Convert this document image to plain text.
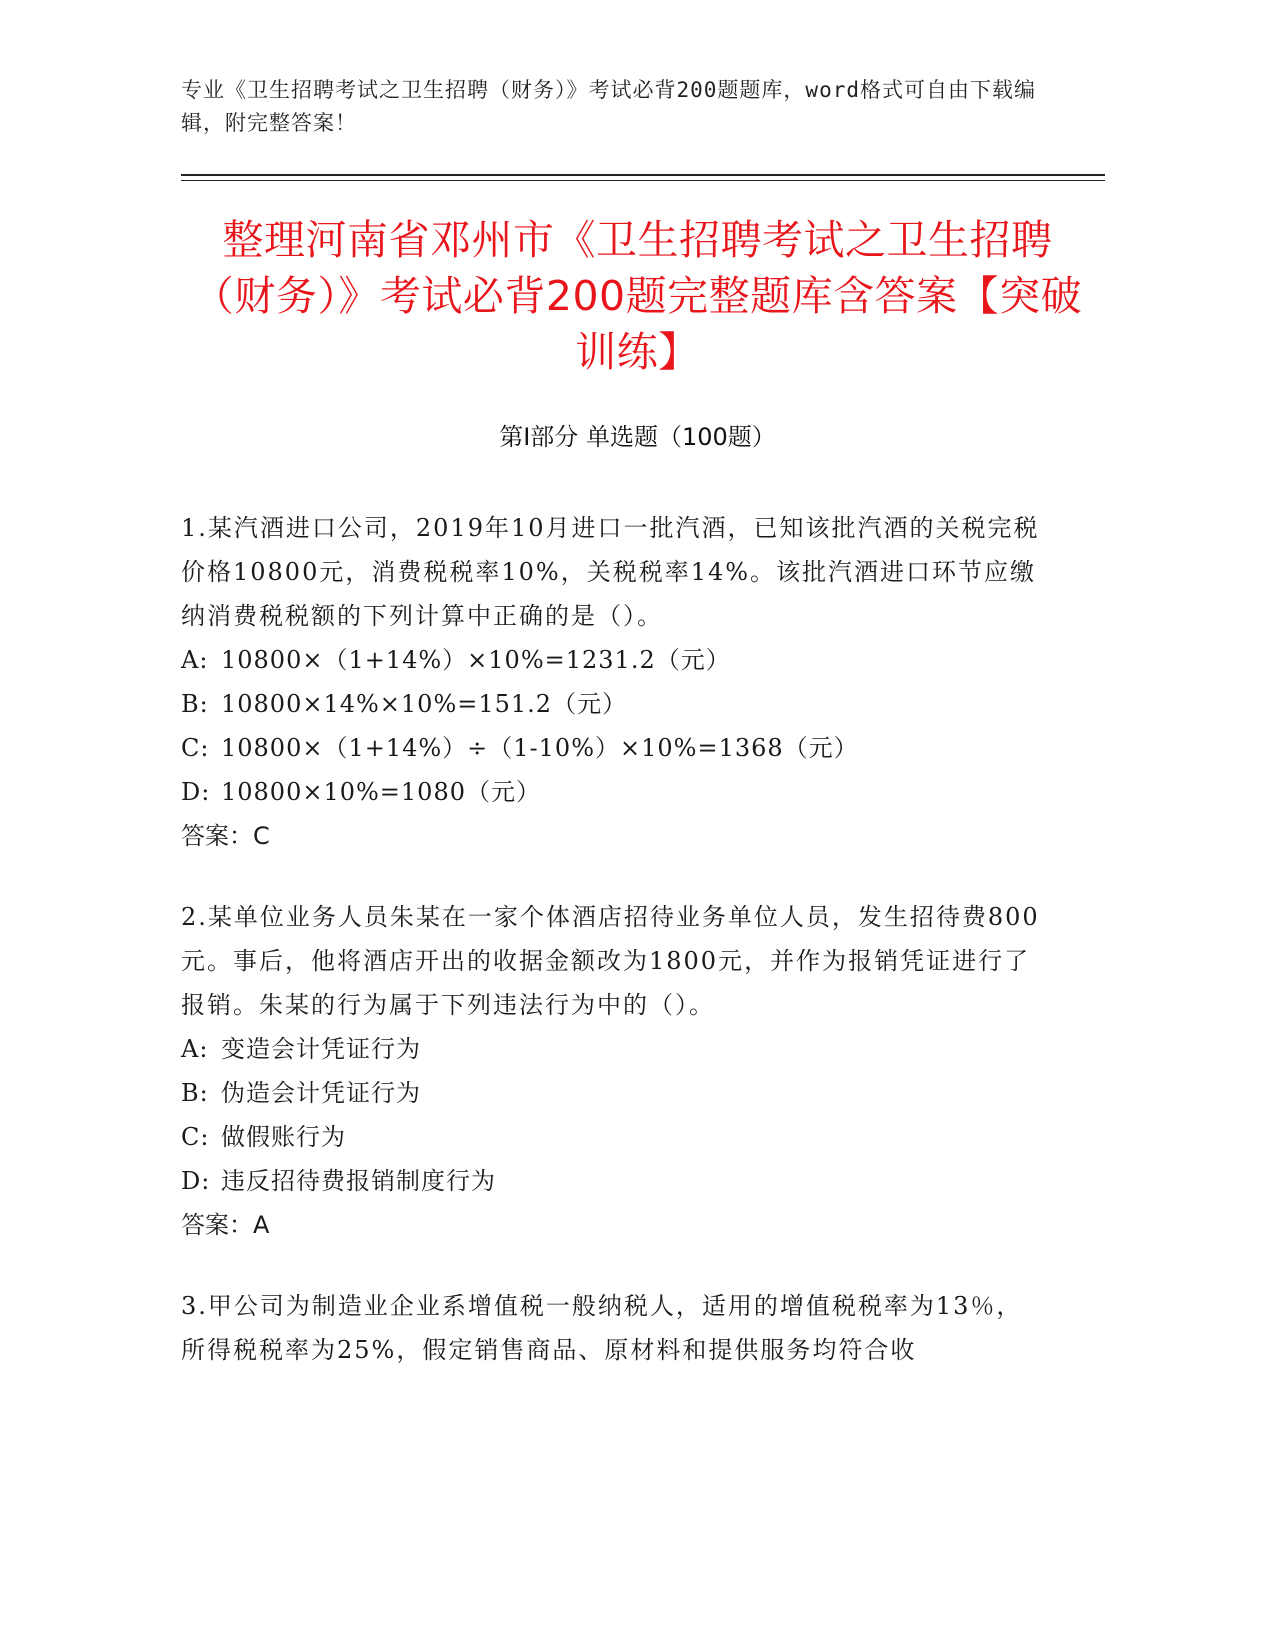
专业《卫生招聘考试之卫生招聘（财务）》考试必背200题题库，word格式可自由下载编辑，附完整答案！
整理河南省邓州市《卫生招聘考试之卫生招聘（财务）》考试必背200题完整题库含答案【突破训练】
第Ⅰ部分 单选题（100题）
1.某汽酒进口公司，2019年10月进口一批汽酒，已知该批汽酒的关税完税价格10800元，消费税税率10%，关税税率14%。该批汽酒进口环节应缴纳消费税税额的下列计算中正确的是（）。
A: 10800×（1+14%）×10%=1231.2（元）
B: 10800×14%×10%=151.2（元）
C: 10800×（1+14%）÷（1-10%）×10%=1368（元）
D: 10800×10%=1080（元）
答案：C
2.某单位业务人员朱某在一家个体酒店招待业务单位人员，发生招待费800元。事后，他将酒店开出的收据金额改为1800元，并作为报销凭证进行了报销。朱某的行为属于下列违法行为中的（）。
A: 变造会计凭证行为
B: 伪造会计凭证行为
C: 做假账行为
D: 违反招待费报销制度行为
答案：A
3.甲公司为制造业企业系增值税一般纳税人，适用的增值税税率为13％，所得税税率为25%，假定销售商品、原材料和提供服务均符合收
